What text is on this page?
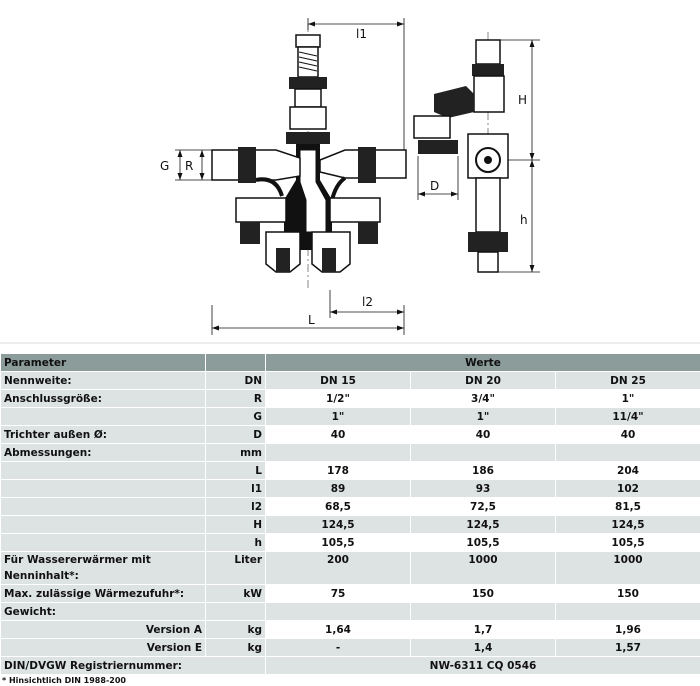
l1
L
l2
G R
D
H
h
Parameter		Werte		
Nennweite:	DN	DN 15	DN 20	DN 25
Anschlussgröße:	R	1/2"	3/4"	1"
	G	1"	1"	11/4"
Trichter außen Ø:	D	40	40	40
Abmessungen:	mm			
	L	178	186	204
	l1	89	93	102
	l2	68,5	72,5	81,5
	H	124,5	124,5	124,5
	h	105,5	105,5	105,5
Für Wassererwärmer mit Nenninhalt*:	Liter	200	1000	1000
Max. zulässige Wärmezufuhr*:	kW	75	150	150
Gewicht:				
Version A	kg	1,64	1,7	1,96
Version E	kg	-	1,4	1,57
DIN/DVGW Registriernummer:		NW-6311 CQ 0546		
* Hinsichtlich DIN 1988-200
